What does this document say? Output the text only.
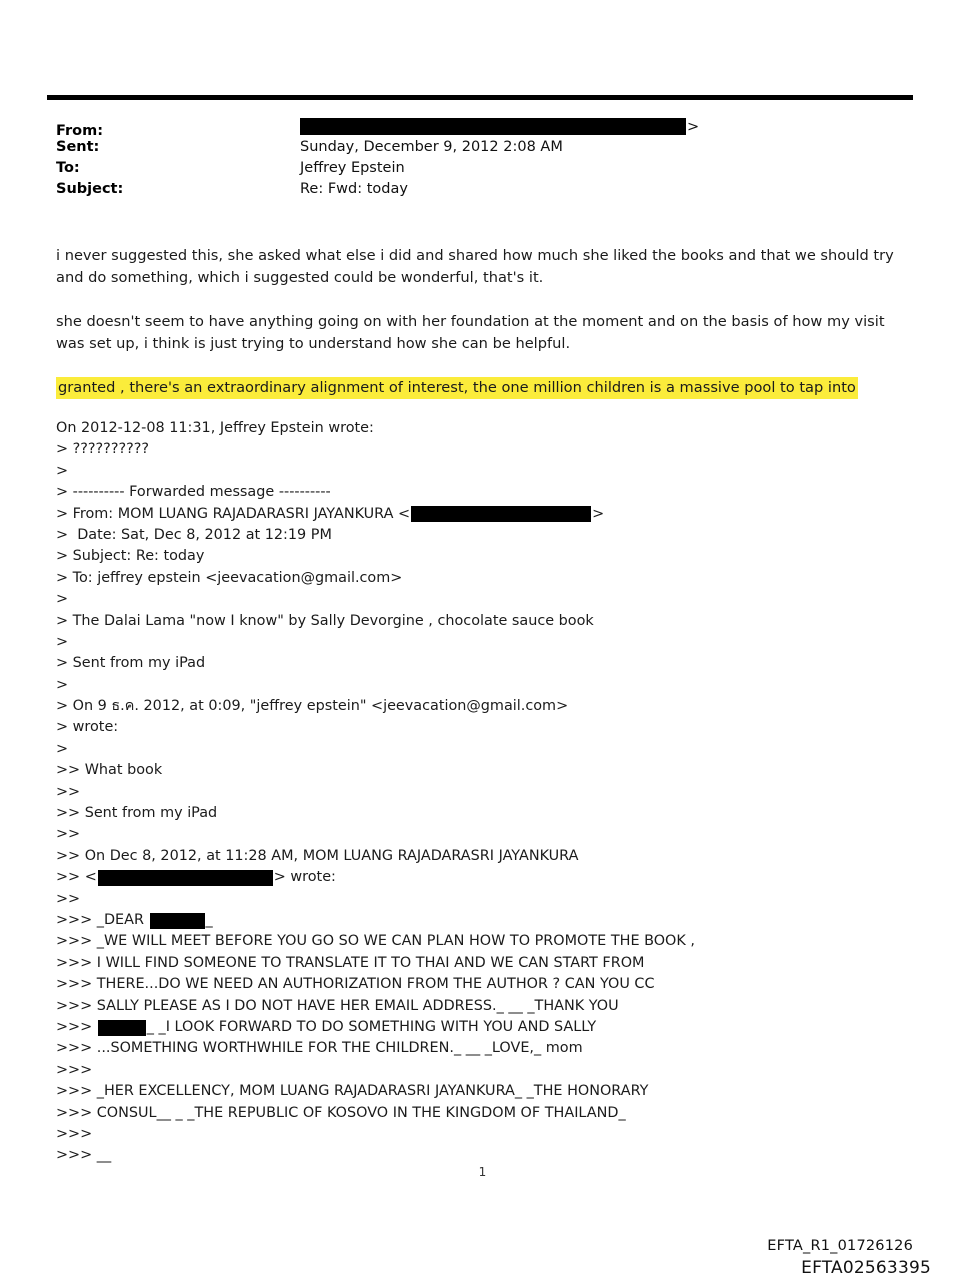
From:	>
Sent:	Sunday, December 9, 2012 2:08 AM
To:	Jeffrey Epstein
Subject:	Re: Fwd: today

i never suggested this, she asked what else i did and shared how much she liked the books and that we should try and do something, which i suggested could be wonderful, that's it.

she doesn't seem to have anything going on with her foundation at the moment and on the basis of how my visit was set up, i think is just trying to understand how she can be helpful.

granted , there's an extraordinary alignment of interest, the one million children is a massive pool to tap into
On 2012-12-08 11:31, Jeffrey Epstein wrote:
> ??????????
>
> ---------- Forwarded message ----------
> From: MOM LUANG RAJADARASRI JAYANKURA <	>
>  Date: Sat, Dec 8, 2012 at 12:19 PM
> Subject: Re: today
> To: jeffrey epstein <jeevacation@gmail.com>
>
> The Dalai Lama "now I know" by Sally Devorgine , chocolate sauce book
>
> Sent from my iPad
>
> On 9 ธ.ค. 2012, at 0:09, "jeffrey epstein" <jeevacation@gmail.com>
> wrote:
>
>> What book
>>
>> Sent from my iPad
>>
>> On Dec 8, 2012, at 11:28 AM, MOM LUANG RAJADARASRI JAYANKURA
>> <	> wrote:
>>
>>> _DEAR	_
>>> _WE WILL MEET BEFORE YOU GO SO WE CAN PLAN HOW TO PROMOTE THE BOOK ,
>>> I WILL FIND SOMEONE TO TRANSLATE IT TO THAI AND WE CAN START FROM
>>> THERE...DO WE NEED AN AUTHORIZATION FROM THE AUTHOR ? CAN YOU CC
>>> SALLY PLEASE AS I DO NOT HAVE HER EMAIL ADDRESS._ __ _THANK YOU
>>>	_ _I LOOK FORWARD TO DO SOMETHING WITH YOU AND SALLY
>>> ...SOMETHING WORTHWHILE FOR THE CHILDREN._ __ _LOVE,_ mom
>>>
>>> _HER EXCELLENCY, MOM LUANG RAJADARASRI JAYANKURA_ _THE HONORARY
>>> CONSUL__ _ _THE REPUBLIC OF KOSOVO IN THE KINGDOM OF THAILAND_
>>>
>>> __
1
EFTA_R1_01726126
EFTA02563395
